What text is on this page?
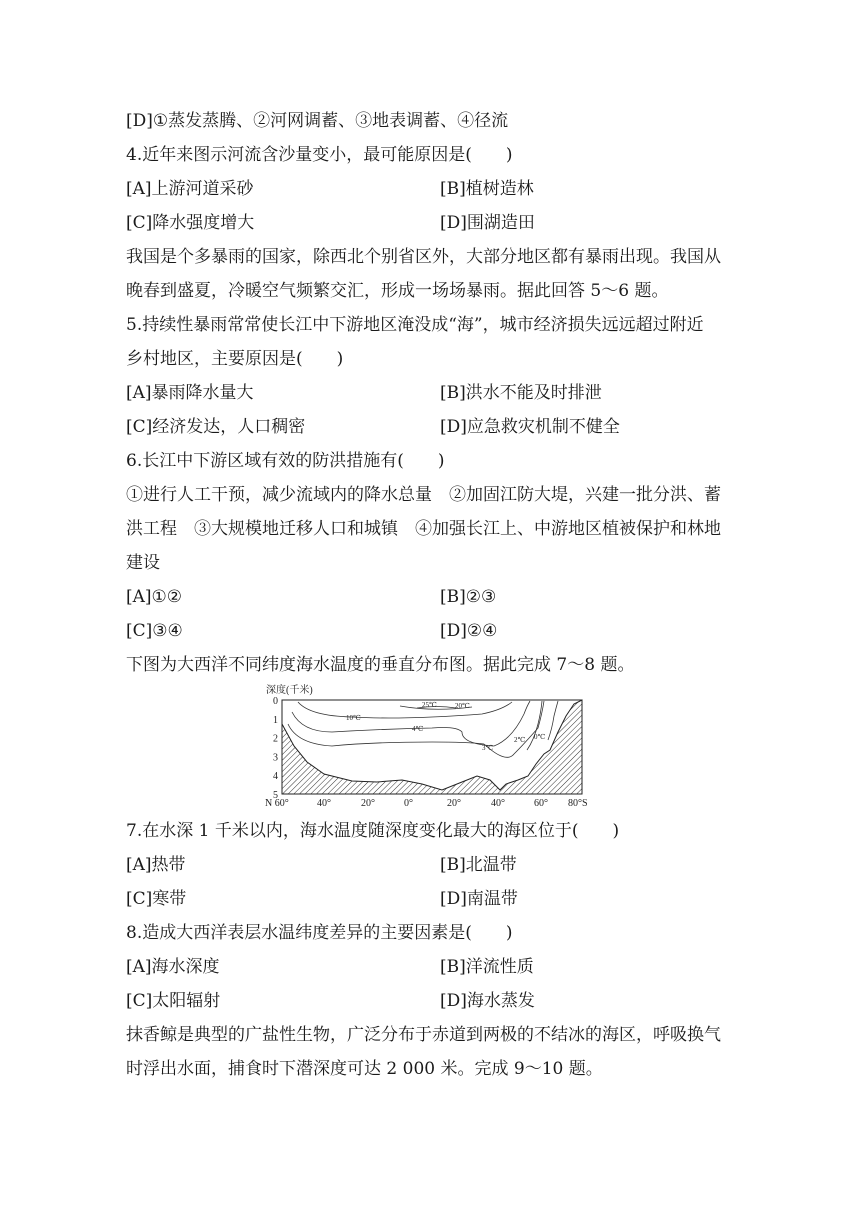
[D]①蒸发蒸腾、②河网调蓄、③地表调蓄、④径流
4.近年来图示河流含沙量变小，最可能原因是(　　)
[A]上游河道采砂	[B]植树造林
[C]降水强度增大	[D]围湖造田
我国是个多暴雨的国家，除西北个别省区外，大部分地区都有暴雨出现。我国从
晚春到盛夏，冷暖空气频繁交汇，形成一场场暴雨。据此回答 5～6 题。
5.持续性暴雨常常使长江中下游地区淹没成“海”，城市经济损失远远超过附近
乡村地区，主要原因是(　　)
[A]暴雨降水量大	[B]洪水不能及时排泄
[C]经济发达，人口稠密	[D]应急救灾机制不健全
6.长江中下游区域有效的防洪措施有(　　)
①进行人工干预，减少流域内的降水总量　②加固江防大堤，兴建一批分洪、蓄
洪工程　③大规模地迁移人口和城镇　④加强长江上、中游地区植被保护和林地
建设
[A]①②	[B]②③
[C]③④	[D]②④
下图为大西洋不同纬度海水温度的垂直分布图。据此完成 7～8 题。
深度(千米)
0
1
2
3
4
5
N 60°	40°	20°	0°	20°	40°	60° 80°S
25℃	20℃
10℃
4℃
3℃
2℃ 0℃
7.在水深 1 千米以内，海水温度随深度变化最大的海区位于(　　)
[A]热带	[B]北温带
[C]寒带	[D]南温带
8.造成大西洋表层水温纬度差异的主要因素是(　　)
[A]海水深度	[B]洋流性质
[C]太阳辐射	[D]海水蒸发
抹香鲸是典型的广盐性生物，广泛分布于赤道到两极的不结冰的海区，呼吸换气
时浮出水面，捕食时下潜深度可达 2 000 米。完成 9～10 题。
